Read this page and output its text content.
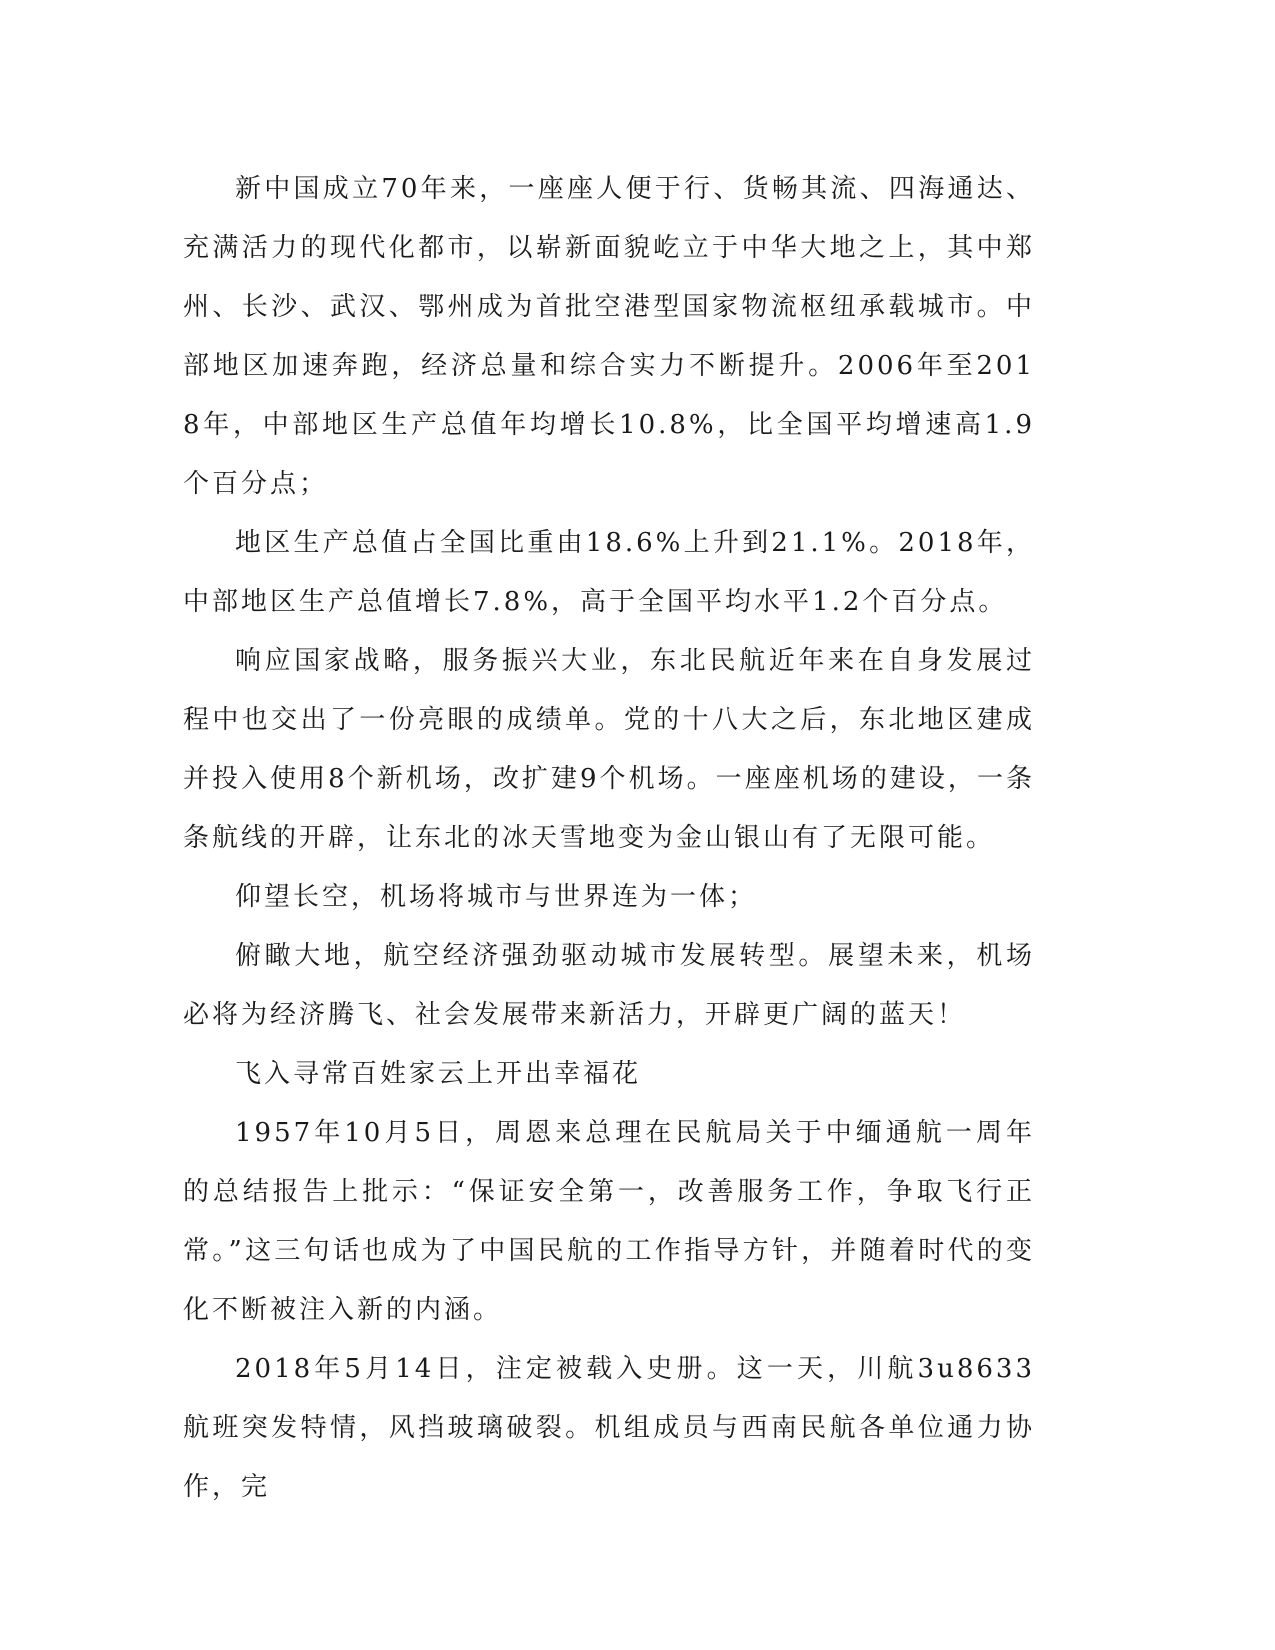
新中国成立70年来，一座座人便于行、货畅其流、四海通达、充满活力的现代化都市，以崭新面貌屹立于中华大地之上，其中郑州、长沙、武汉、鄂州成为首批空港型国家物流枢纽承载城市。中部地区加速奔跑，经济总量和综合实力不断提升。2006年至2018年，中部地区生产总值年均增长10.8%，比全国平均增速高1.9个百分点；

地区生产总值占全国比重由18.6%上升到21.1%。2018年，中部地区生产总值增长7.8%，高于全国平均水平1.2个百分点。

响应国家战略，服务振兴大业，东北民航近年来在自身发展过程中也交出了一份亮眼的成绩单。党的十八大之后，东北地区建成并投入使用8个新机场，改扩建9个机场。一座座机场的建设，一条条航线的开辟，让东北的冰天雪地变为金山银山有了无限可能。

仰望长空，机场将城市与世界连为一体；

俯瞰大地，航空经济强劲驱动城市发展转型。展望未来，机场必将为经济腾飞、社会发展带来新活力，开辟更广阔的蓝天！

飞入寻常百姓家云上开出幸福花

1957年10月5日，周恩来总理在民航局关于中缅通航一周年的总结报告上批示：“保证安全第一，改善服务工作，争取飞行正常。”这三句话也成为了中国民航的工作指导方针，并随着时代的变化不断被注入新的内涵。

2018年5月14日，注定被载入史册。这一天，川航3u8633航班突发特情，风挡玻璃破裂。机组成员与西南民航各单位通力协作，完
